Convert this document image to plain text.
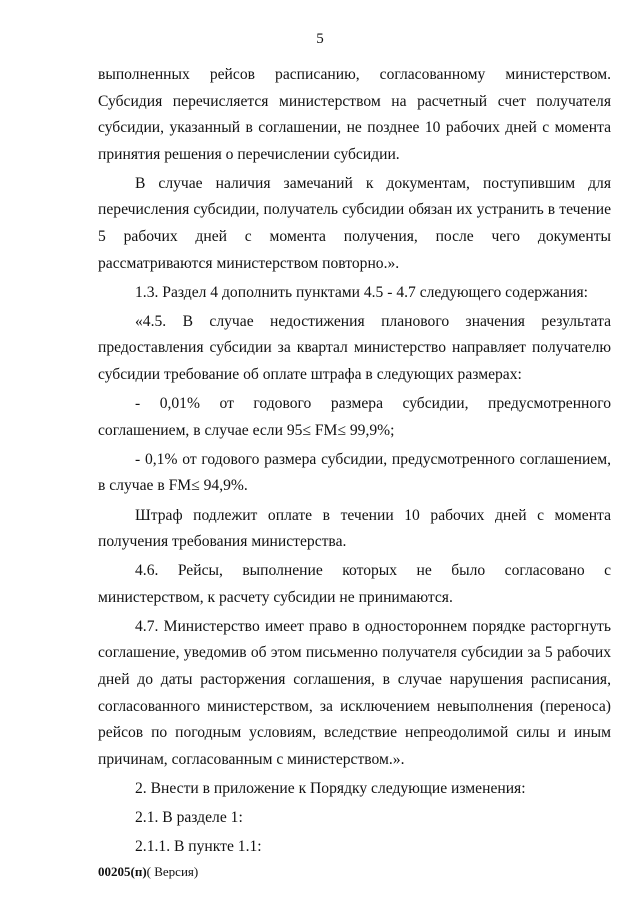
5

выполненных рейсов расписанию, согласованному министерством. Субсидия перечисляется министерством на расчетный счет получателя субсидии, указанный в соглашении, не позднее 10 рабочих дней с момента принятия решения о перечислении субсидии.

В случае наличия замечаний к документам, поступившим для перечисления субсидии, получатель субсидии обязан их устранить в течение 5 рабочих дней с момента получения, после чего документы рассматриваются министерством повторно.».

1.3. Раздел 4 дополнить пунктами 4.5 - 4.7 следующего содержания:

«4.5. В случае недостижения планового значения результата предоставления субсидии за квартал министерство направляет получателю субсидии требование об оплате штрафа в следующих размерах:

- 0,01% от годового размера субсидии, предусмотренного соглашением, в случае если 95≤ FM≤ 99,9%;

- 0,1% от годового размера субсидии, предусмотренного соглашением, в случае в FM≤ 94,9%.

Штраф подлежит оплате в течении 10 рабочих дней с момента получения требования министерства.

4.6. Рейсы, выполнение которых не было согласовано с министерством, к расчету субсидии не принимаются.

4.7. Министерство имеет право в одностороннем порядке расторгнуть соглашение, уведомив об этом письменно получателя субсидии за 5 рабочих дней до даты расторжения соглашения, в случае нарушения расписания, согласованного министерством, за исключением невыполнения (переноса) рейсов по погодным условиям, вследствие непреодолимой силы и иным причинам, согласованным с министерством.».

2. Внести в приложение к Порядку следующие изменения:

2.1. В разделе 1:

2.1.1. В пункте 1.1:

00205(п)( Версия)
